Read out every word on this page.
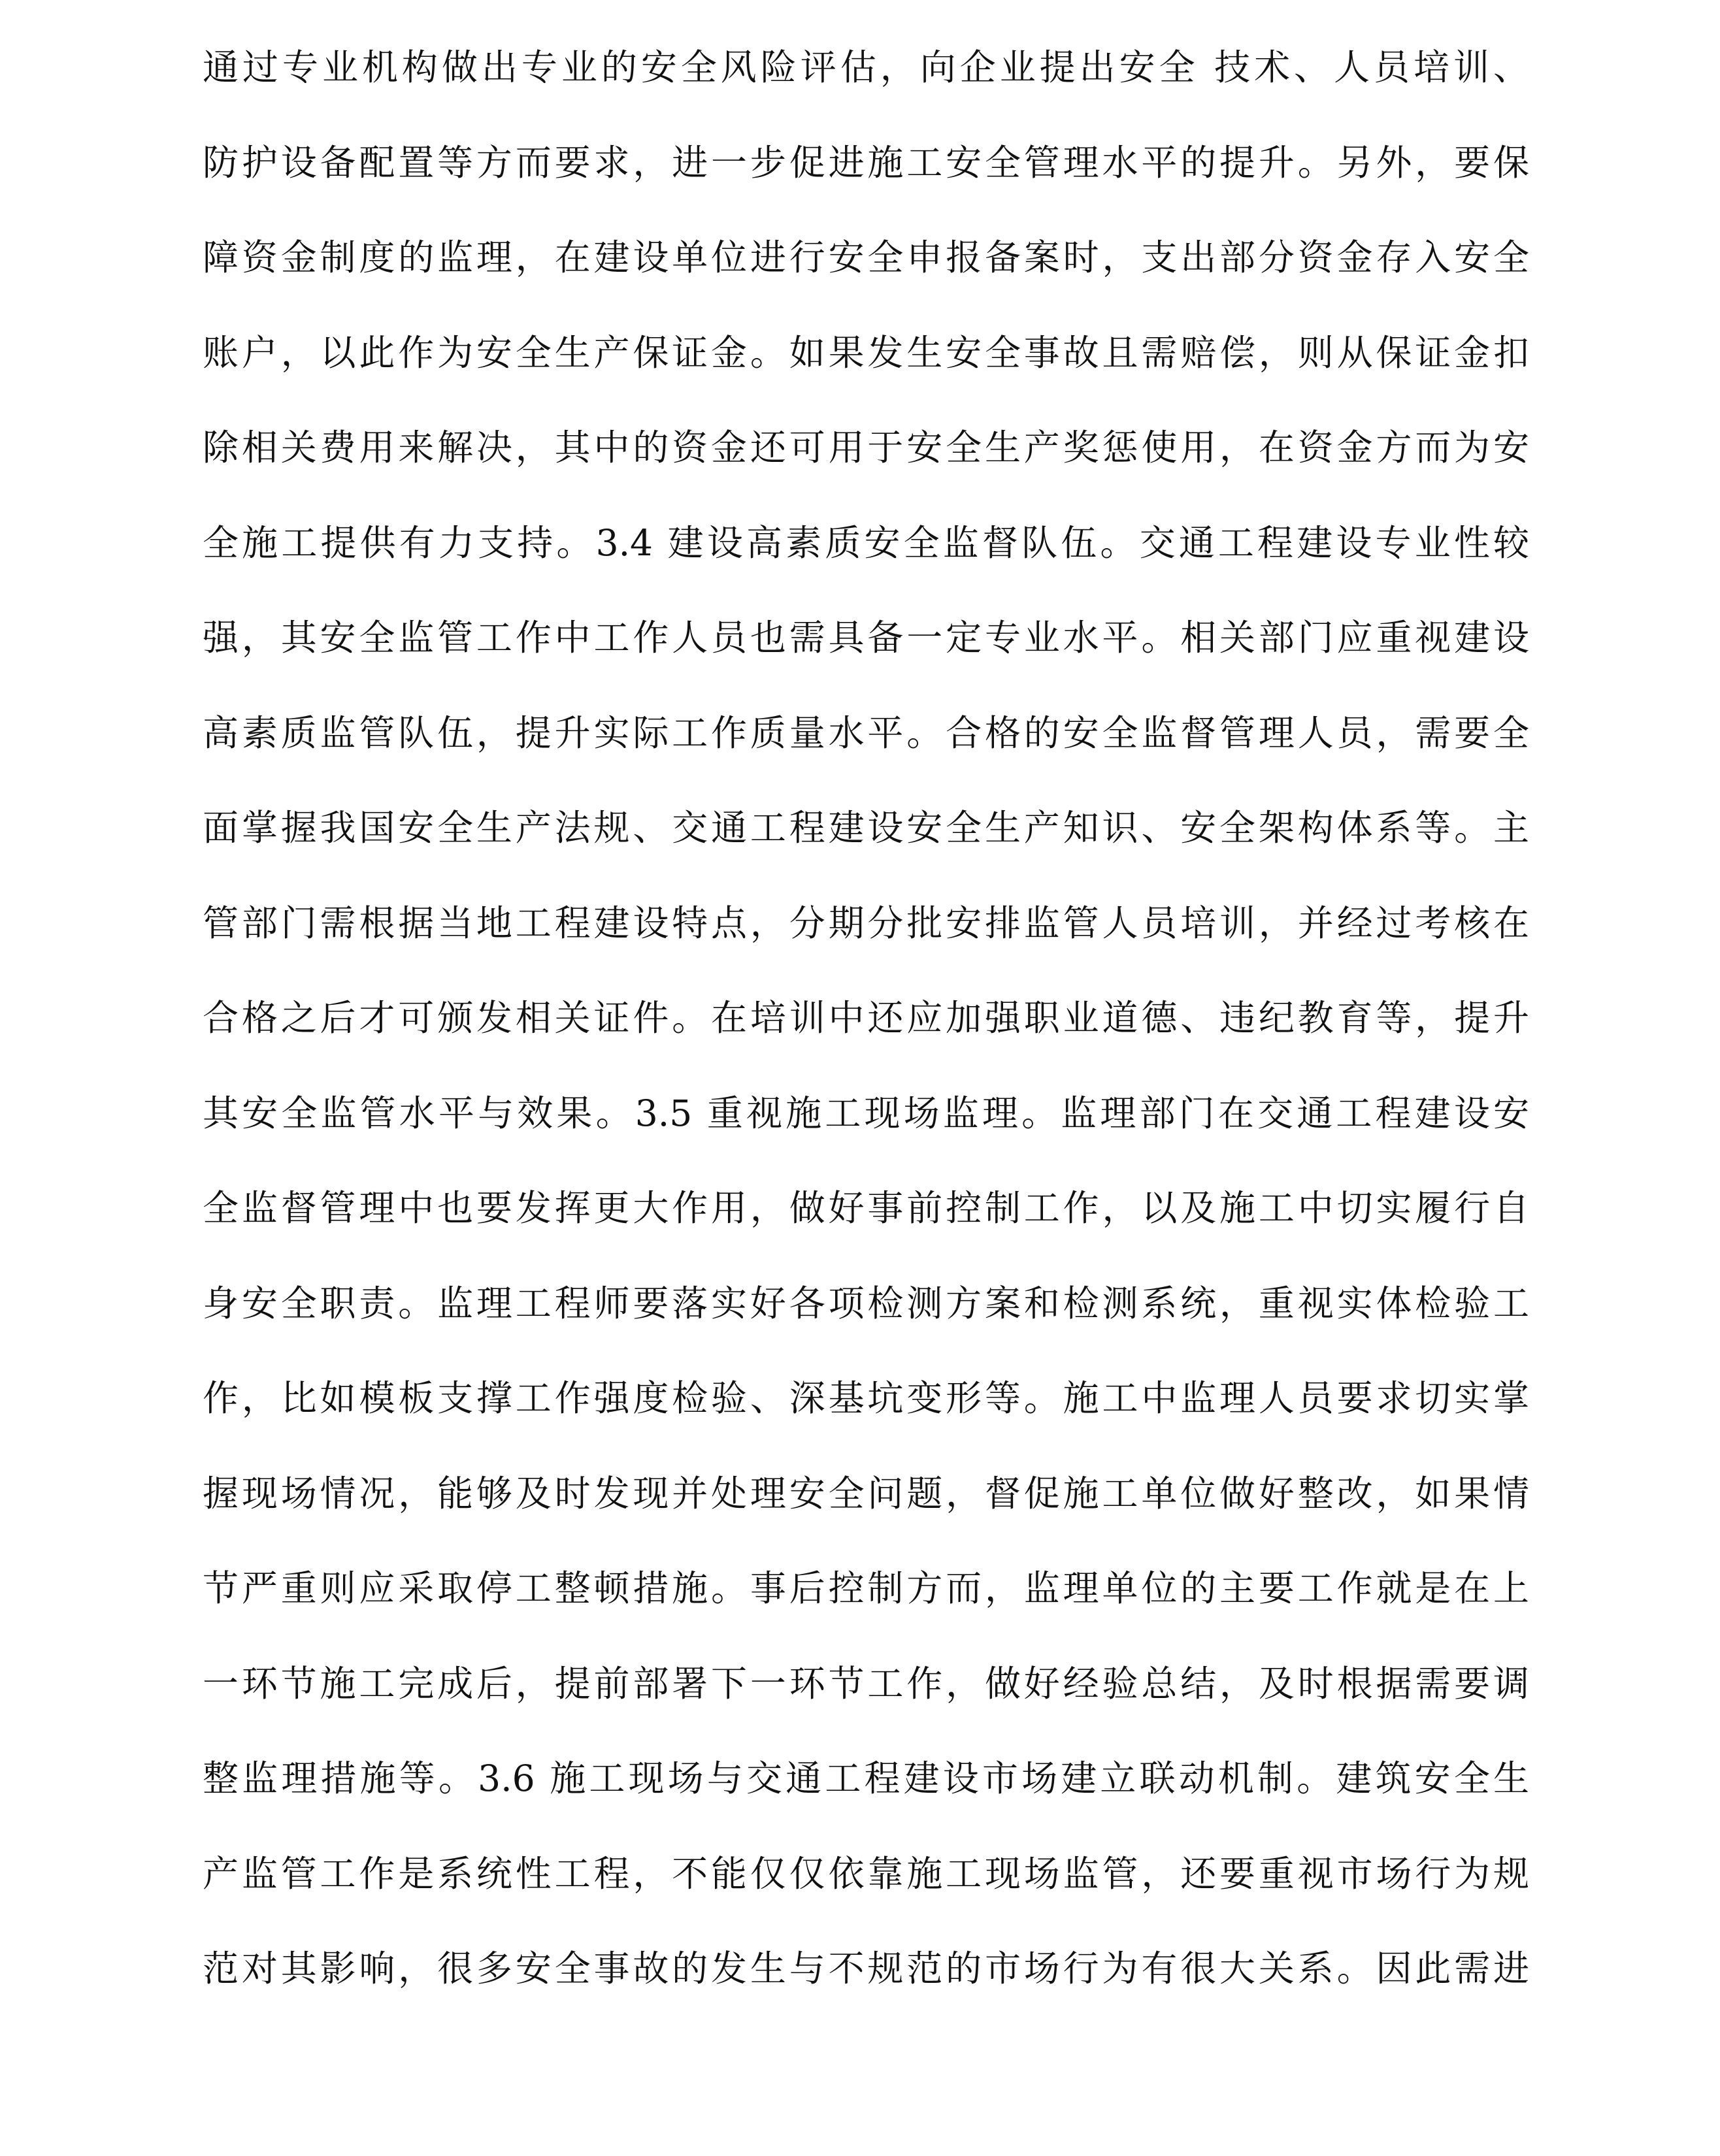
通过专业机构做出专业的安全风险评估，向企业提出安全 技术、人员培训、
防护设备配置等方而要求，进一步促进施工安全管理水平的提升。另外，要保
障资金制度的监理，在建设单位进行安全申报备案时，支出部分资金存入安全
账户，以此作为安全生产保证金。如果发生安全事故且需赔偿，则从保证金扣
除相关费用来解决，其中的资金还可用于安全生产奖惩使用，在资金方而为安
全施工提供有力支持。3.4 建设高素质安全监督队伍。交通工程建设专业性较
强，其安全监管工作中工作人员也需具备一定专业水平。相关部门应重视建设
高素质监管队伍，提升实际工作质量水平。合格的安全监督管理人员，需要全
面掌握我国安全生产法规、交通工程建设安全生产知识、安全架构体系等。主
管部门需根据当地工程建设特点，分期分批安排监管人员培训，并经过考核在
合格之后才可颁发相关证件。在培训中还应加强职业道德、违纪教育等，提升
其安全监管水平与效果。3.5 重视施工现场监理。监理部门在交通工程建设安
全监督管理中也要发挥更大作用，做好事前控制工作，以及施工中切实履行自
身安全职责。监理工程师要落实好各项检测方案和检测系统，重视实体检验工
作，比如模板支撑工作强度检验、深基坑变形等。施工中监理人员要求切实掌
握现场情况，能够及时发现并处理安全问题，督促施工单位做好整改，如果情
节严重则应采取停工整顿措施。事后控制方而，监理单位的主要工作就是在上
一环节施工完成后，提前部署下一环节工作，做好经验总结，及时根据需要调
整监理措施等。3.6 施工现场与交通工程建设市场建立联动机制。建筑安全生
产监管工作是系统性工程，不能仅仅依靠施工现场监管，还要重视市场行为规
范对其影响，很多安全事故的发生与不规范的市场行为有很大关系。因此需进
